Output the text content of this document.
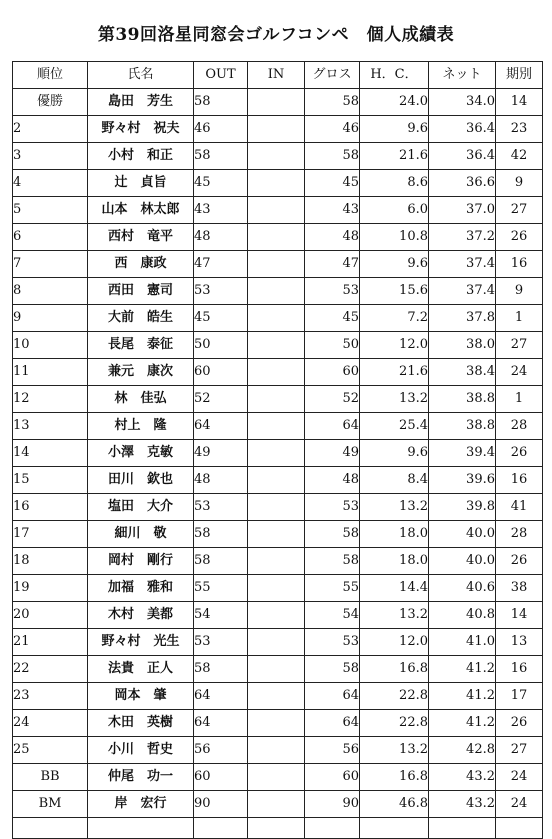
第39回洛星同窓会ゴルフコンペ　個人成績表
順位	氏名	OUT	IN	グロス	H．C．	ネット	期別
優勝	島田　芳生	58		58	24.0	34.0	14
2	野々村　祝夫	46		46	9.6	36.4	23
3	小村　和正	58		58	21.6	36.4	42
4	辻　貞旨	45		45	8.6	36.6	9
5	山本　林太郎	43		43	6.0	37.0	27
6	西村　竜平	48		48	10.8	37.2	26
7	西　康政	47		47	9.6	37.4	16
8	西田　憲司	53		53	15.6	37.4	9
9	大前　皓生	45		45	7.2	37.8	1
10	長尾　泰征	50		50	12.0	38.0	27
11	兼元　康次	60		60	21.6	38.4	24
12	林　佳弘	52		52	13.2	38.8	1
13	村上　隆	64		64	25.4	38.8	28
14	小澤　克敏	49		49	9.6	39.4	26
15	田川　欽也	48		48	8.4	39.6	16
16	塩田　大介	53		53	13.2	39.8	41
17	細川　敬	58		58	18.0	40.0	28
18	岡村　剛行	58		58	18.0	40.0	26
19	加福　雅和	55		55	14.4	40.6	38
20	木村　美都	54		54	13.2	40.8	14
21	野々村　光生	53		53	12.0	41.0	13
22	法貴　正人	58		58	16.8	41.2	16
23	岡本　肇	64		64	22.8	41.2	17
24	木田　英樹	64		64	22.8	41.2	26
25	小川　哲史	56		56	13.2	42.8	27
BB	仲尾　功一	60		60	16.8	43.2	24
BM	岸　宏行	90		90	46.8	43.2	24
